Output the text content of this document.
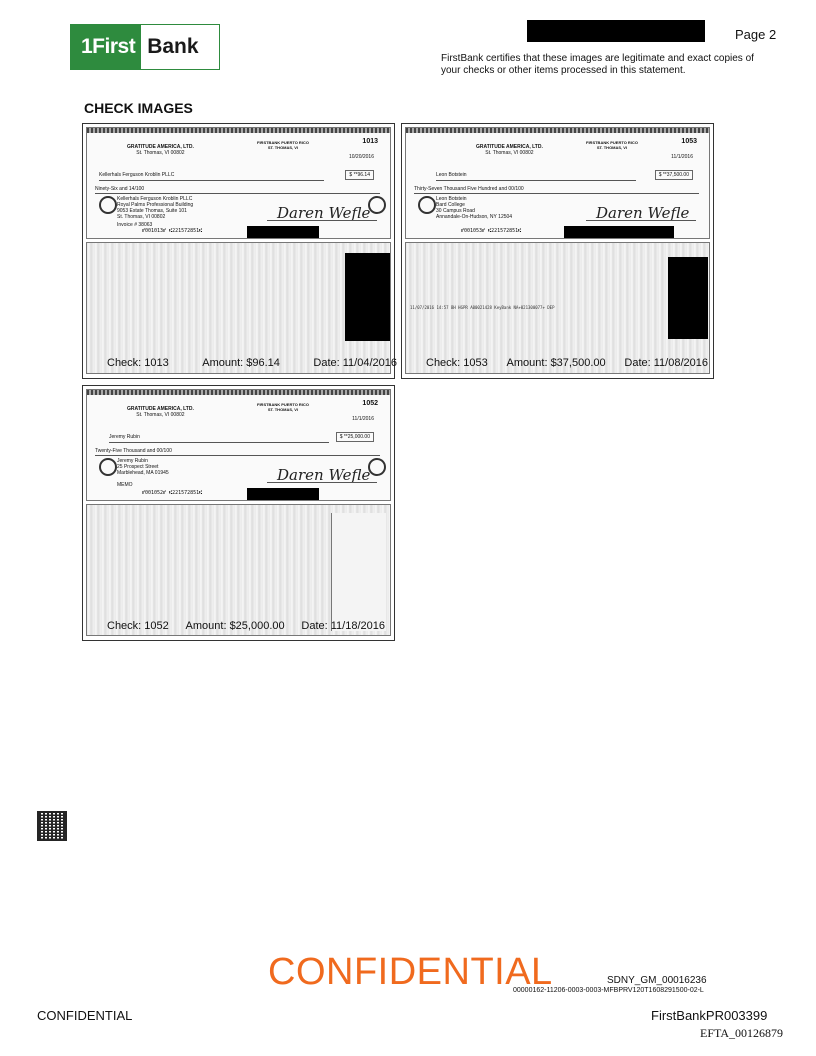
1First Bank
Page 2
FirstBank certifies that these images are legitimate and exact copies of your checks or other items processed in this statement.
CHECK IMAGES
GRATITUDE AMERICA, LTD.
St. Thomas, VI 00802
FIRSTBANK PUERTO RICO
ST. THOMAS, VI
1013
10/20/2016
Kellerhals Ferguson Kroblin PLLC	$ **96.14
Ninety-Six and 14/100
Kellerhals Ferguson Kroblin PLLC
Royal Palms Professional Building
9053 Estate Thomas, Suite 101
St. Thomas, VI 00802
Invoice # 38063
Daren Wefle
⑈001013⑈ ⑆221572851⑆
Check: 1013	Amount: $96.14	Date: 11/04/2016
GRATITUDE AMERICA, LTD.
St. Thomas, VI 00802
FIRSTBANK PUERTO RICO
ST. THOMAS, VI
1053
11/1/2016
Leon Botstein	$ **37,500.00
Thirty-Seven Thousand Five Hundred and 00/100
Leon Botstein
Bard College
30 Campus Road
Annandale-On-Hudson, NY 12504	Daren Wefle
⑈001053⑈ ⑆221572851⑆
11/07/2016 14:57 BH HGPR A00021428 KeyBank NA+021300077+ DEP
Check: 1053 Amount: $37,500.00 Date: 11/08/2016
GRATITUDE AMERICA, LTD.
St. Thomas, VI 00802
FIRSTBANK PUERTO RICO
ST. THOMAS, VI
1052
11/1/2016
Jeremy Rubin	$ **25,000.00
Twenty-Five Thousand and 00/100
Jeremy Rubin
25 Prospect Street
Marblehead, MA 01945
MEMO
Daren Wefle
⑈001052⑈ ⑆221572851⑆
Check: 1052 Amount: $25,000.00 Date: 11/18/2016
CONFIDENTIAL	SDNY_GM_00016236
00000162-11206-0003-0003-MFBPRV120T1608291500-02-L
CONFIDENTIAL	FirstBankPR003399
EFTA_00126879
